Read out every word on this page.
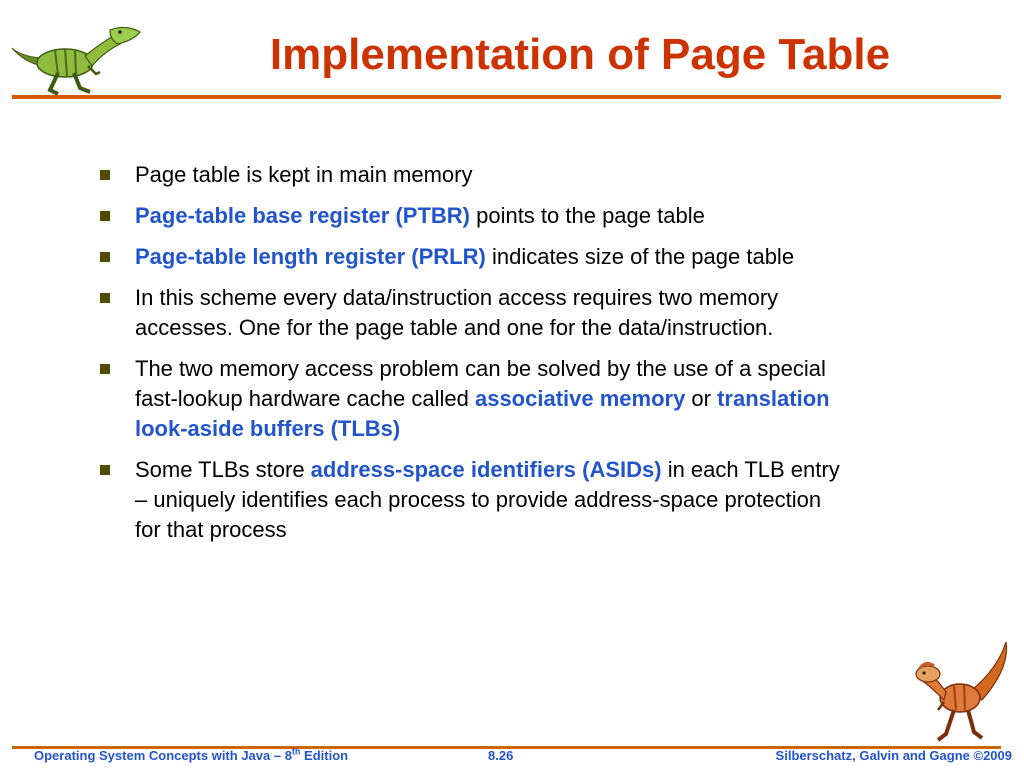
Implementation of Page Table
Page table is kept in main memory
Page-table base register (PTBR) points to the page table
Page-table length register (PRLR) indicates size of the page table
In this scheme every data/instruction access requires two memory accesses. One for the page table and one for the data/instruction.
The two memory access problem can be solved by the use of a special fast-lookup hardware cache called associative memory or translation look-aside buffers (TLBs)
Some TLBs store address-space identifiers (ASIDs) in each TLB entry – uniquely identifies each process to provide address-space protection for that process
Operating System Concepts with Java – 8th Edition	8.26	Silberschatz, Galvin and Gagne ©2009
